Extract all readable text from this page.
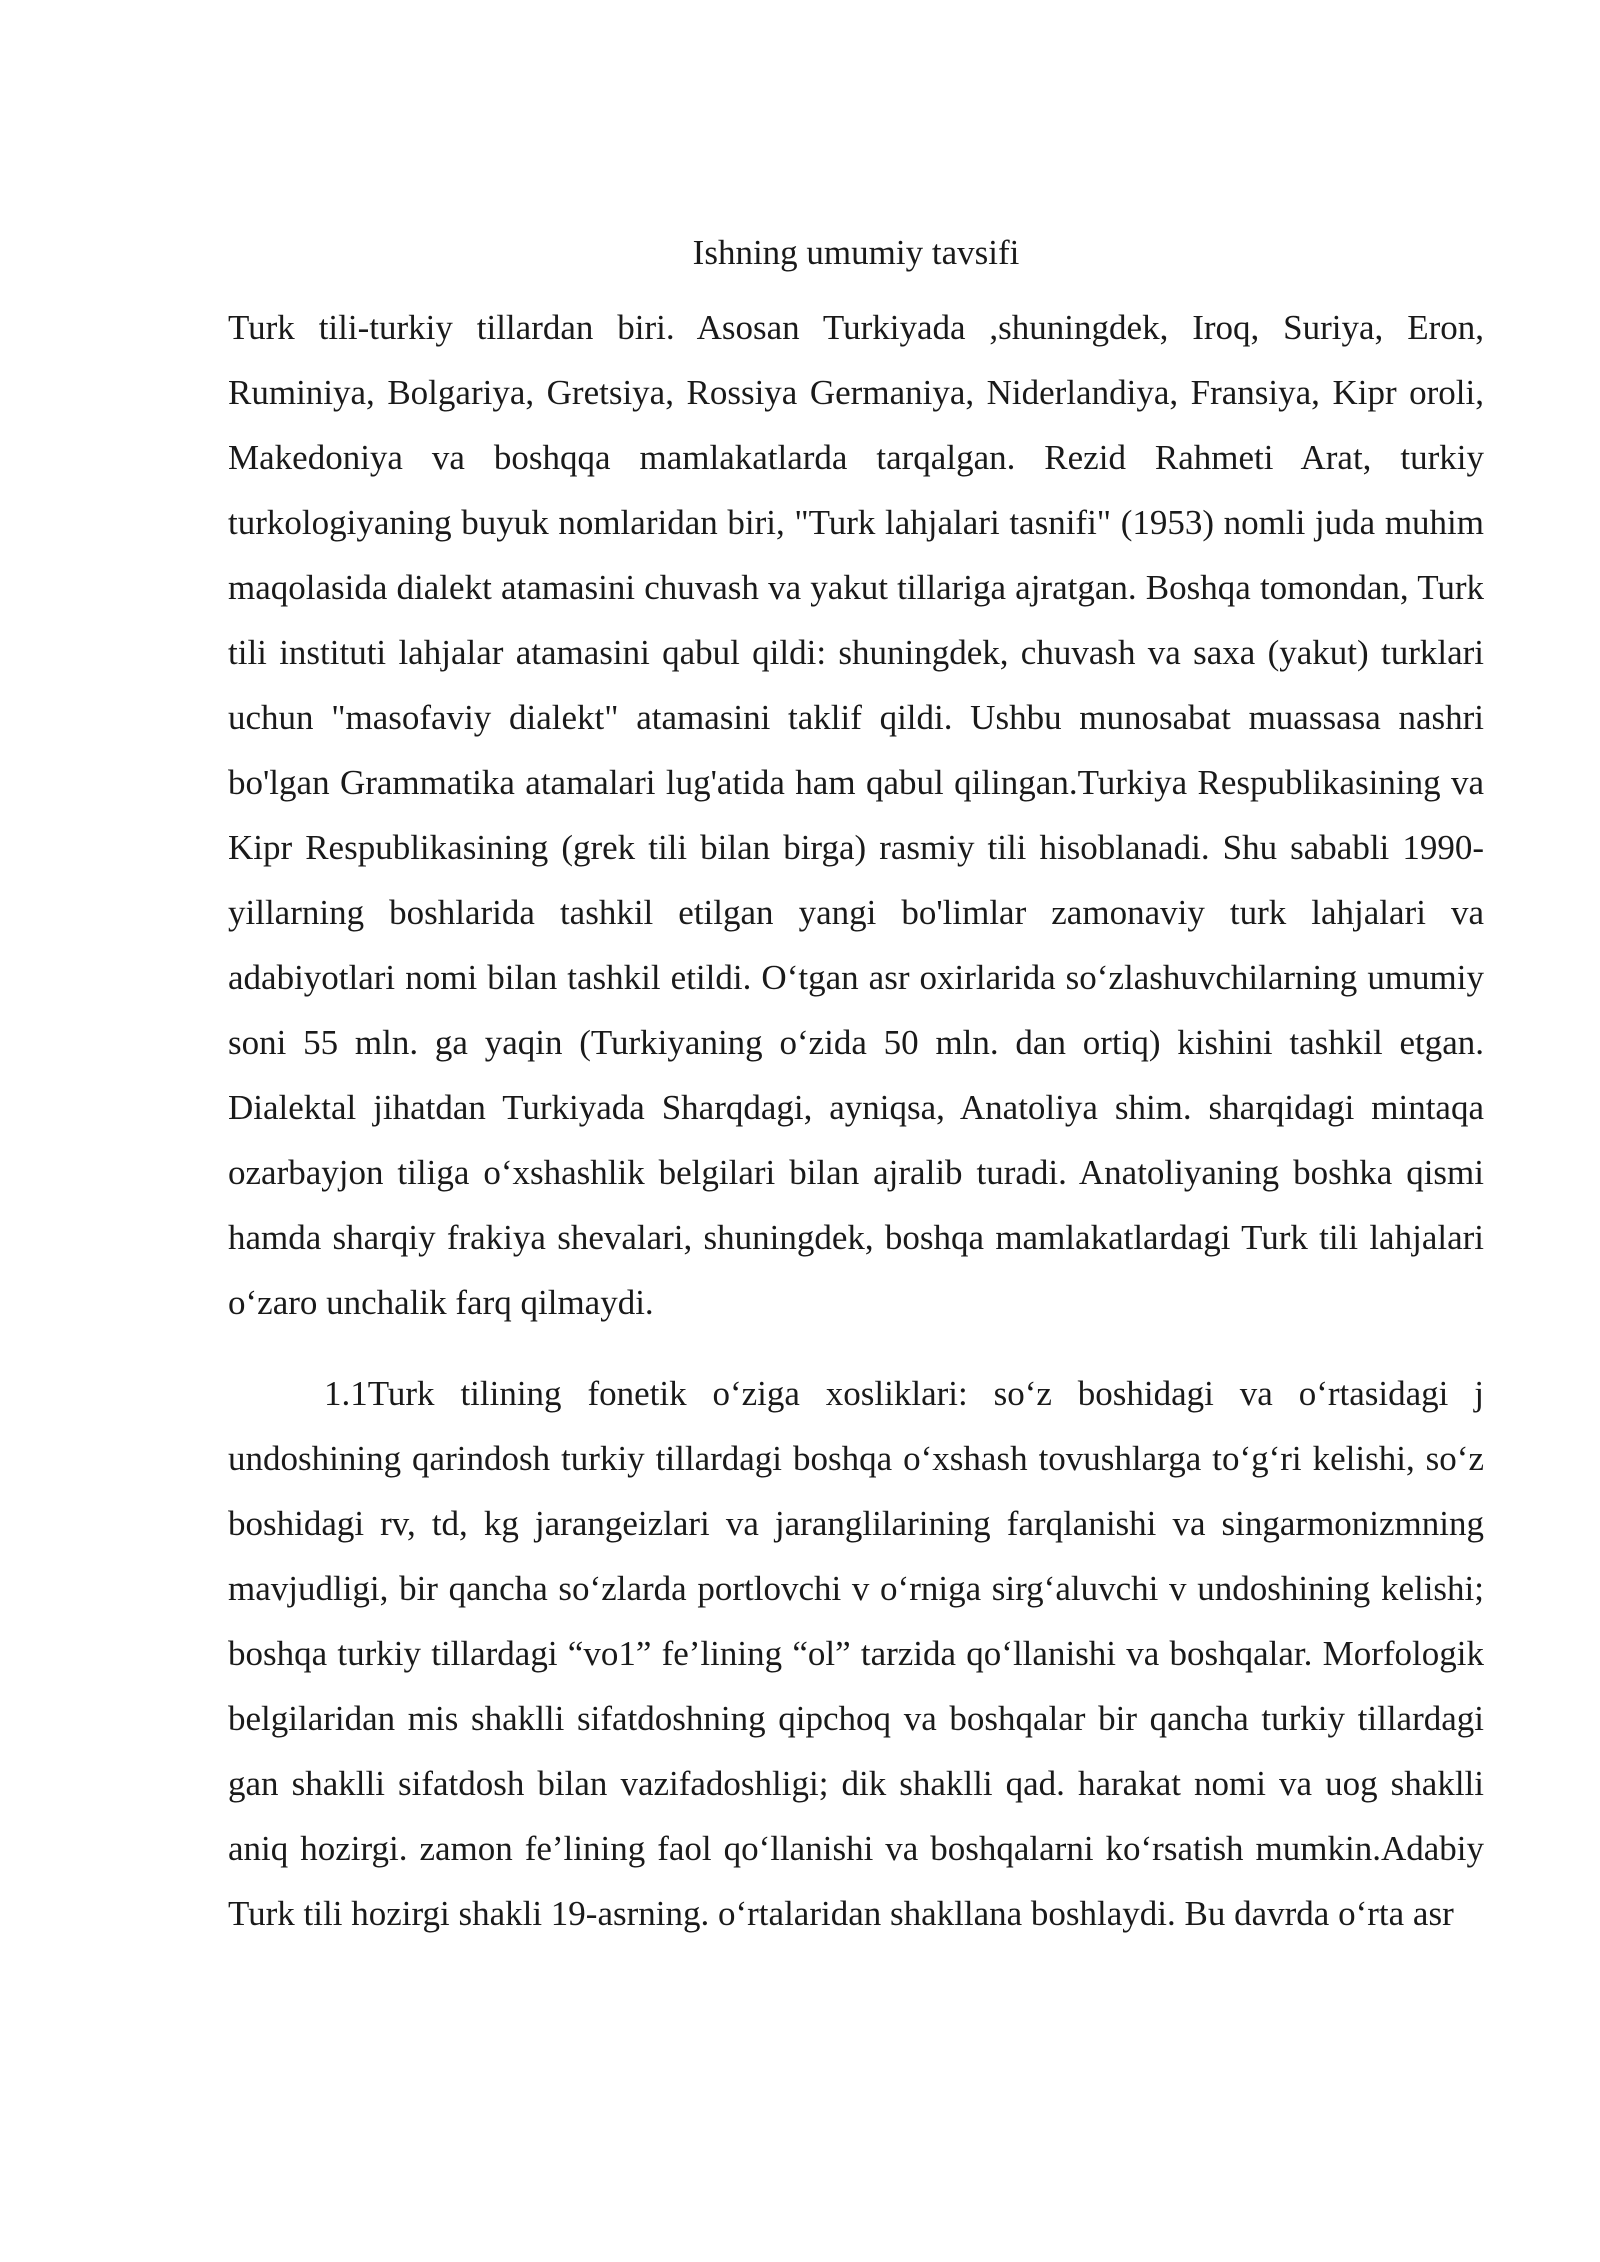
Ishning umumiy tavsifi

Turk tili-turkiy tillardan biri. Asosan Turkiyada ,shuningdek, Iroq, Suriya, Eron, Ruminiya, Bolgariya, Gretsiya, Rossiya Germaniya, Niderlandiya, Fransiya, Kipr oroli, Makedoniya va boshqqa mamlakatlarda tarqalgan. Rezid Rahmeti Arat, turkiy turkologiyaning buyuk nomlaridan biri, "Turk lahjalari tasnifi" (1953) nomli juda muhim maqolasida dialekt atamasini chuvash va yakut tillariga ajratgan. Boshqa tomondan, Turk tili instituti lahjalar atamasini qabul qildi: shuningdek, chuvash va saxa (yakut) turklari uchun "masofaviy dialekt" atamasini taklif qildi. Ushbu munosabat muassasa nashri bo'lgan Grammatika atamalari lug'atida ham qabul qilingan.Turkiya Respublikasining va Kipr Respublikasining (grek tili bilan birga) rasmiy tili hisoblanadi. Shu sababli 1990-yillarning boshlarida tashkil etilgan yangi bo'limlar zamonaviy turk lahjalari va adabiyotlari nomi bilan tashkil etildi. O‘tgan asr oxirlarida so‘zlashuvchilarning umumiy soni 55 mln. ga yaqin (Turkiyaning o‘zida 50 mln. dan ortiq) kishini tashkil etgan. Dialektal jihatdan Turkiyada Sharqdagi, ayniqsa, Anatoliya shim. sharqidagi mintaqa ozarbayjon tiliga o‘xshashlik belgilari bilan ajralib turadi. Anatoliyaning boshka qismi hamda sharqiy frakiya shevalari, shuningdek, boshqa mamlakatlardagi Turk tili lahjalari o‘zaro unchalik farq qilmaydi.

1.1Turk tilining fonetik o‘ziga xosliklari: so‘z boshidagi va o‘rtasidagi j undoshining qarindosh turkiy tillardagi boshqa o‘xshash tovushlarga to‘g‘ri kelishi, so‘z boshidagi rv, td, kg jarangeizlari va jaranglilarining farqlanishi va singarmonizmning mavjudligi, bir qancha so‘zlarda portlovchi v o‘rniga sirg‘aluvchi v undoshining kelishi; boshqa turkiy tillardagi “vo1” fe’lining “ol” tarzida qo‘llanishi va boshqalar. Morfologik belgilaridan mis shaklli sifatdoshning qipchoq va boshqalar bir qancha turkiy tillardagi gan shaklli sifatdosh bilan vazifadoshligi; dik shaklli qad. harakat nomi va uog shaklli aniq hozirgi. zamon fe’lining faol qo‘llanishi va boshqalarni ko‘rsatish mumkin.Adabiy Turk tili hozirgi shakli 19-asrning. o‘rtalaridan shakllana boshlaydi. Bu davrda o‘rta asr
